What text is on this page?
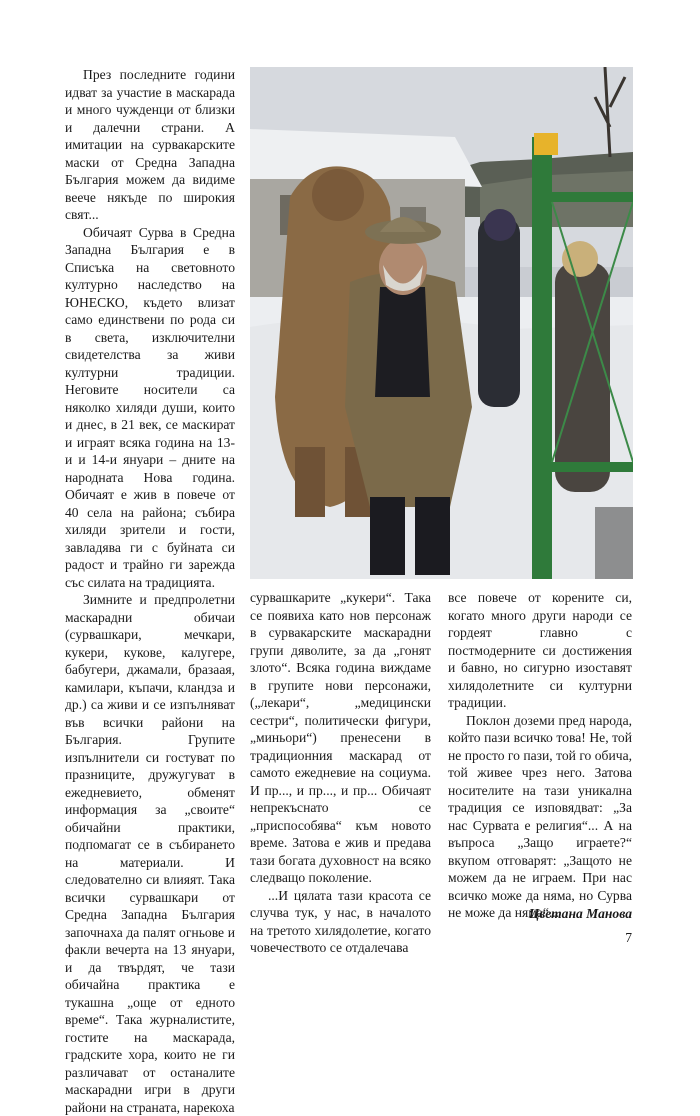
През последните години идват за участие в маскарада и много чужденци от близки и далечни страни. А имитации на сурвакарските маски от Средна Западна България можем да видиме веече някъде по широкия свят...

Обичаят Сурва в Средна Западна България е в Списъка на световното културно наследство на ЮНЕСКО, където влизат само единствени по рода си в света, изключителни свидетелства за живи културни традиции. Неговите носители са няколко хиляди души, които и днес, в 21 век, се маскират и играят всяка година на 13-и и 14-и януари – дните на народната Нова година. Обичаят е жив в повече от 40 села на района; събира хиляди зрители и гости, завладява ги с буйната си радост и трайно ги зарежда със силата на традицията.

Зимните и предпролетни маскарадни обичаи (сурвашкари, мечкари, кукери, кукове, калугере, бабугери, джамали, бразаая, камилари, къпачи, кландза и др.) са живи и се изпълняват във всички райони на България. Групите изпълнители си гостуват по празниците, дружугуват в ежедневието, обменят информация за „своите“ обичайни практики, подпомагат се в събирането на материали. И следователно си влияят. Така всички сурвашкари от Средна Западна България започнаха да палят огньове и факли вечерта на 13 януари, и да твърдят, че тази обичайна практика е тукашна „още от едното време“. Така журналистите, гостите на маскарада, градските хора, които не ги различават от останалите маскарадни игри в други райони на страната, нарекоха

сурвашкарите „кукери“. Така се появиха като нов персонаж в сурвакарските маскарадни групи дяволите, за да „гонят злото“. Всяка година виждаме в групите нови персонажи, („лекари“, „медицински сестри“, политически фигури, „миньори“) пренесени в традиционния маскарад от самото ежедневие на социума. И пр..., и пр..., и пр... Обичаят непрекъснато се „приспособява“ към новото време. Затова е жив и предава тази богата духовност на всяко следващо поколение.

...И цялата тази красота се случва тук, у нас, в началото на третото хилядолетие, когато човечеството се отдалечава

все повече от корените си, когато много други народи се гордеят главно с постмодерните си достижения и бавно, но сигурно изоставят хилядолетните си културни традиции.

Поклон доземи пред народа, който пази всичко това! Не, той не просто го пази, той го обича, той живее чрез него. Затова носителите на тази уникална традиция се изповядват: „За нас Сурвата е религия“... А на въпроса „Защо играете?“ вкупом отговарят: „Защото не можем да не играем. При нас всичко може да няма, но Сурва не може да няма“...

Цветана Манова
7
